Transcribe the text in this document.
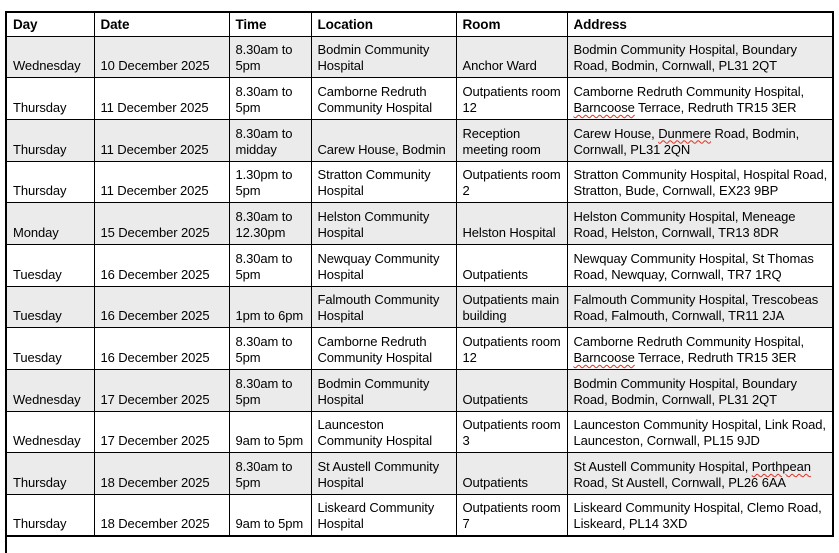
Day	Date	Time	Location	Room	Address
Wednesday	10 December 2025	8.30am to 5pm	Bodmin Community Hospital	Anchor Ward	Bodmin Community Hospital, Boundary Road, Bodmin, Cornwall, PL31 2QT
Thursday	11 December 2025	8.30am to 5pm	Camborne Redruth Community Hospital	Outpatients room 12	Camborne Redruth Community Hospital, Barncoose Terrace, Redruth TR15 3ER
Thursday	11 December 2025	8.30am to midday	Carew House, Bodmin	Reception meeting room	Carew House, Dunmere Road, Bodmin, Cornwall, PL31 2QN
Thursday	11 December 2025	1.30pm to 5pm	Stratton Community Hospital	Outpatients room 2	Stratton Community Hospital, Hospital Road, Stratton, Bude, Cornwall, EX23 9BP
Monday	15 December 2025	8.30am to 12.30pm	Helston Community Hospital	Helston Hospital	Helston Community Hospital, Meneage Road, Helston, Cornwall, TR13 8DR
Tuesday	16 December 2025	8.30am to 5pm	Newquay Community Hospital	Outpatients	Newquay Community Hospital, St Thomas Road, Newquay, Cornwall, TR7 1RQ
Tuesday	16 December 2025	1pm to 6pm	Falmouth Community Hospital	Outpatients main building	Falmouth Community Hospital, Trescobeas Road, Falmouth, Cornwall, TR11 2JA
Tuesday	16 December 2025	8.30am to 5pm	Camborne Redruth Community Hospital	Outpatients room 12	Camborne Redruth Community Hospital, Barncoose Terrace, Redruth TR15 3ER
Wednesday	17 December 2025	8.30am to 5pm	Bodmin Community Hospital	Outpatients	Bodmin Community Hospital, Boundary Road, Bodmin, Cornwall, PL31 2QT
Wednesday	17 December 2025	9am to 5pm	Launceston Community Hospital	Outpatients room 3	Launceston Community Hospital, Link Road, Launceston, Cornwall, PL15 9JD
Thursday	18 December 2025	8.30am to 5pm	St Austell Community Hospital	Outpatients	St Austell Community Hospital, Porthpean Road, St Austell, Cornwall, PL26 6AA
Thursday	18 December 2025	9am to 5pm	Liskeard Community Hospital	Outpatients room 7	Liskeard Community Hospital, Clemo Road, Liskeard, PL14 3XD
